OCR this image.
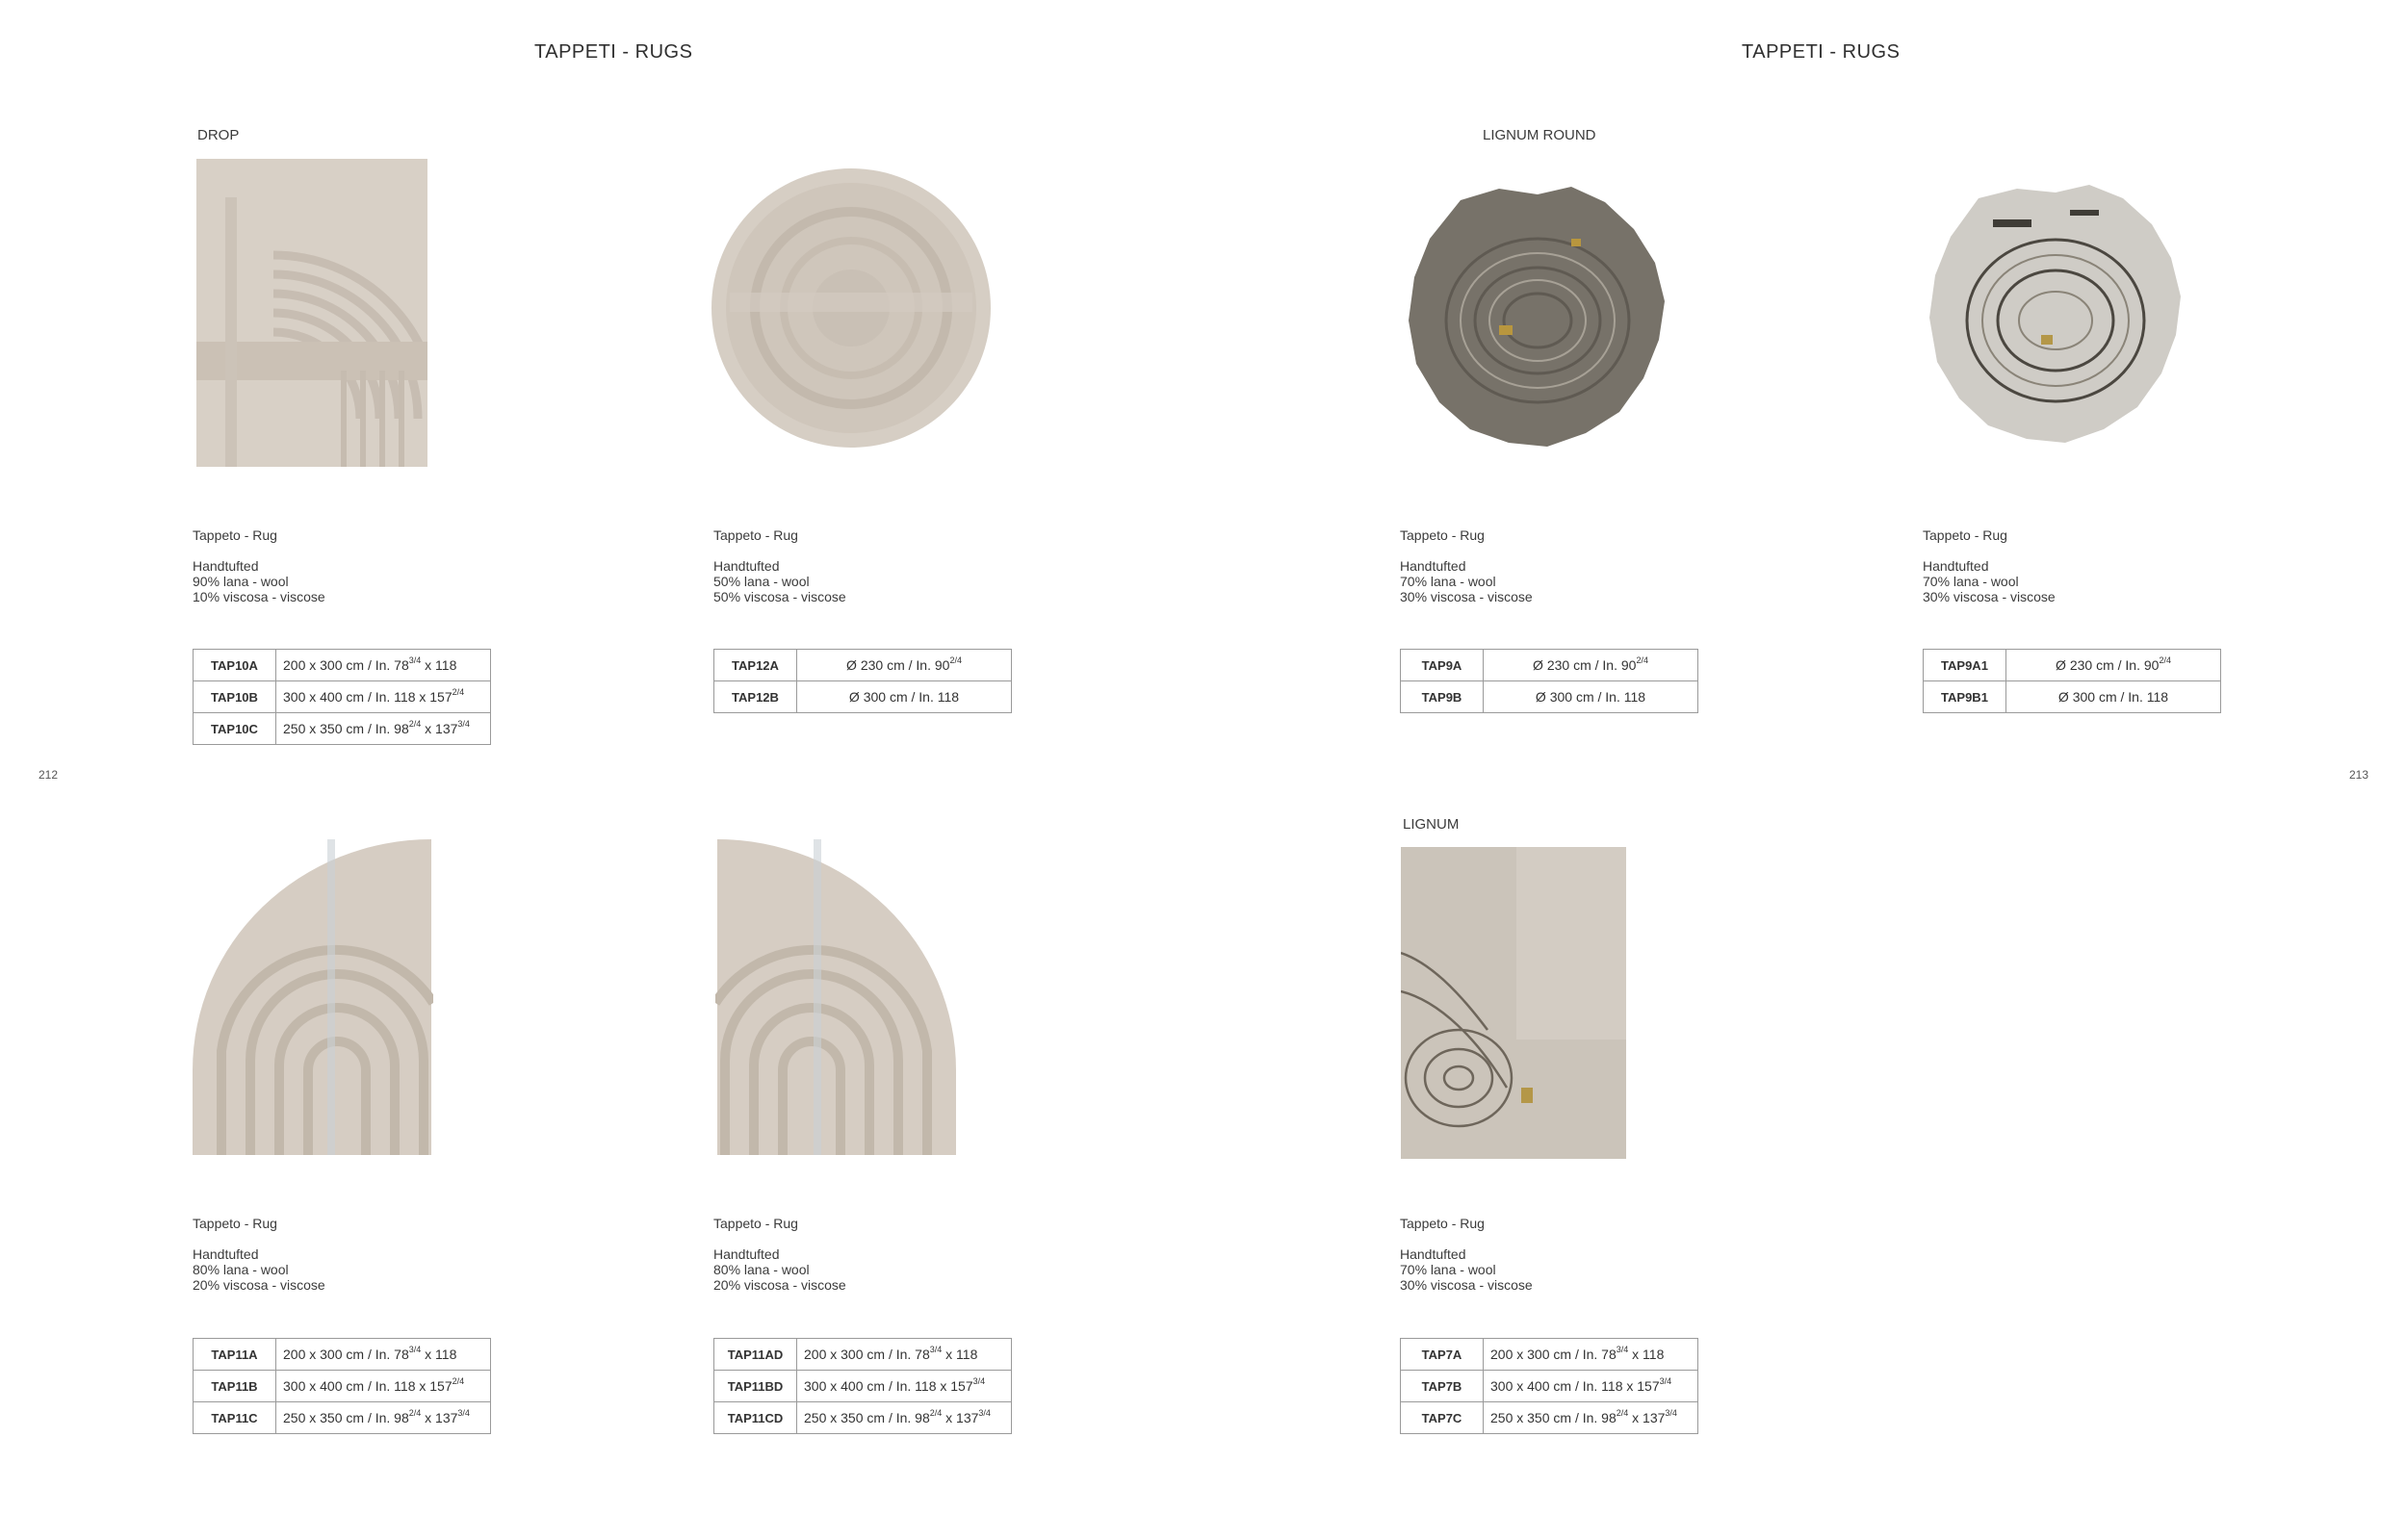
TAPPETI - RUGS	TAPPETI - RUGS
212	213
DROP	LIGNUM ROUND
LIGNUM
Tappeto - Rug
Handtufted
90% lana - wool
10% viscosa - viscose
Tappeto - Rug
Handtufted
50% lana - wool
50% viscosa - viscose
Tappeto - Rug
Handtufted
70% lana - wool
30% viscosa - viscose
Tappeto - Rug
Handtufted
70% lana - wool
30% viscosa - viscose
Tappeto - Rug
Handtufted
80% lana - wool
20% viscosa - viscose
Tappeto - Rug
Handtufted
80% lana - wool
20% viscosa - viscose
Tappeto - Rug
Handtufted
70% lana - wool
30% viscosa - viscose
TAP10A	200 x 300 cm / In. $78^{3/4}$ x 118
TAP10B	300 x 400 cm / In. 118 x $157^{2/4}$
TAP10C	250 x 350 cm / In. $98^{2/4}$ x $137^{3/4}$
TAP12A	Ø 230 cm / In. $90^{2/4}$
TAP12B	Ø 300 cm / In. 118
TAP9A	Ø 230 cm / In. $90^{2/4}$
TAP9B	Ø 300 cm / In. 118
TAP9A1	Ø 230 cm / In. $90^{2/4}$
TAP9B1	Ø 300 cm / In. 118
TAP11A	200 x 300 cm / In. $78^{3/4}$ x 118
TAP11B	300 x 400 cm / In. 118 x $157^{2/4}$
TAP11C	250 x 350 cm / In. $98^{2/4}$ x $137^{3/4}$
TAP11AD	200 x 300 cm / In. $78^{3/4}$ x 118
TAP11BD	300 x 400 cm / In. 118 x $157^{3/4}$
TAP11CD	250 x 350 cm / In. $98^{2/4}$ x $137^{3/4}$
TAP7A	200 x 300 cm / In. $78^{3/4}$ x 118
TAP7B	300 x 400 cm / In. 118 x $157^{3/4}$
TAP7C	250 x 350 cm / In. $98^{2/4}$ x $137^{3/4}$
